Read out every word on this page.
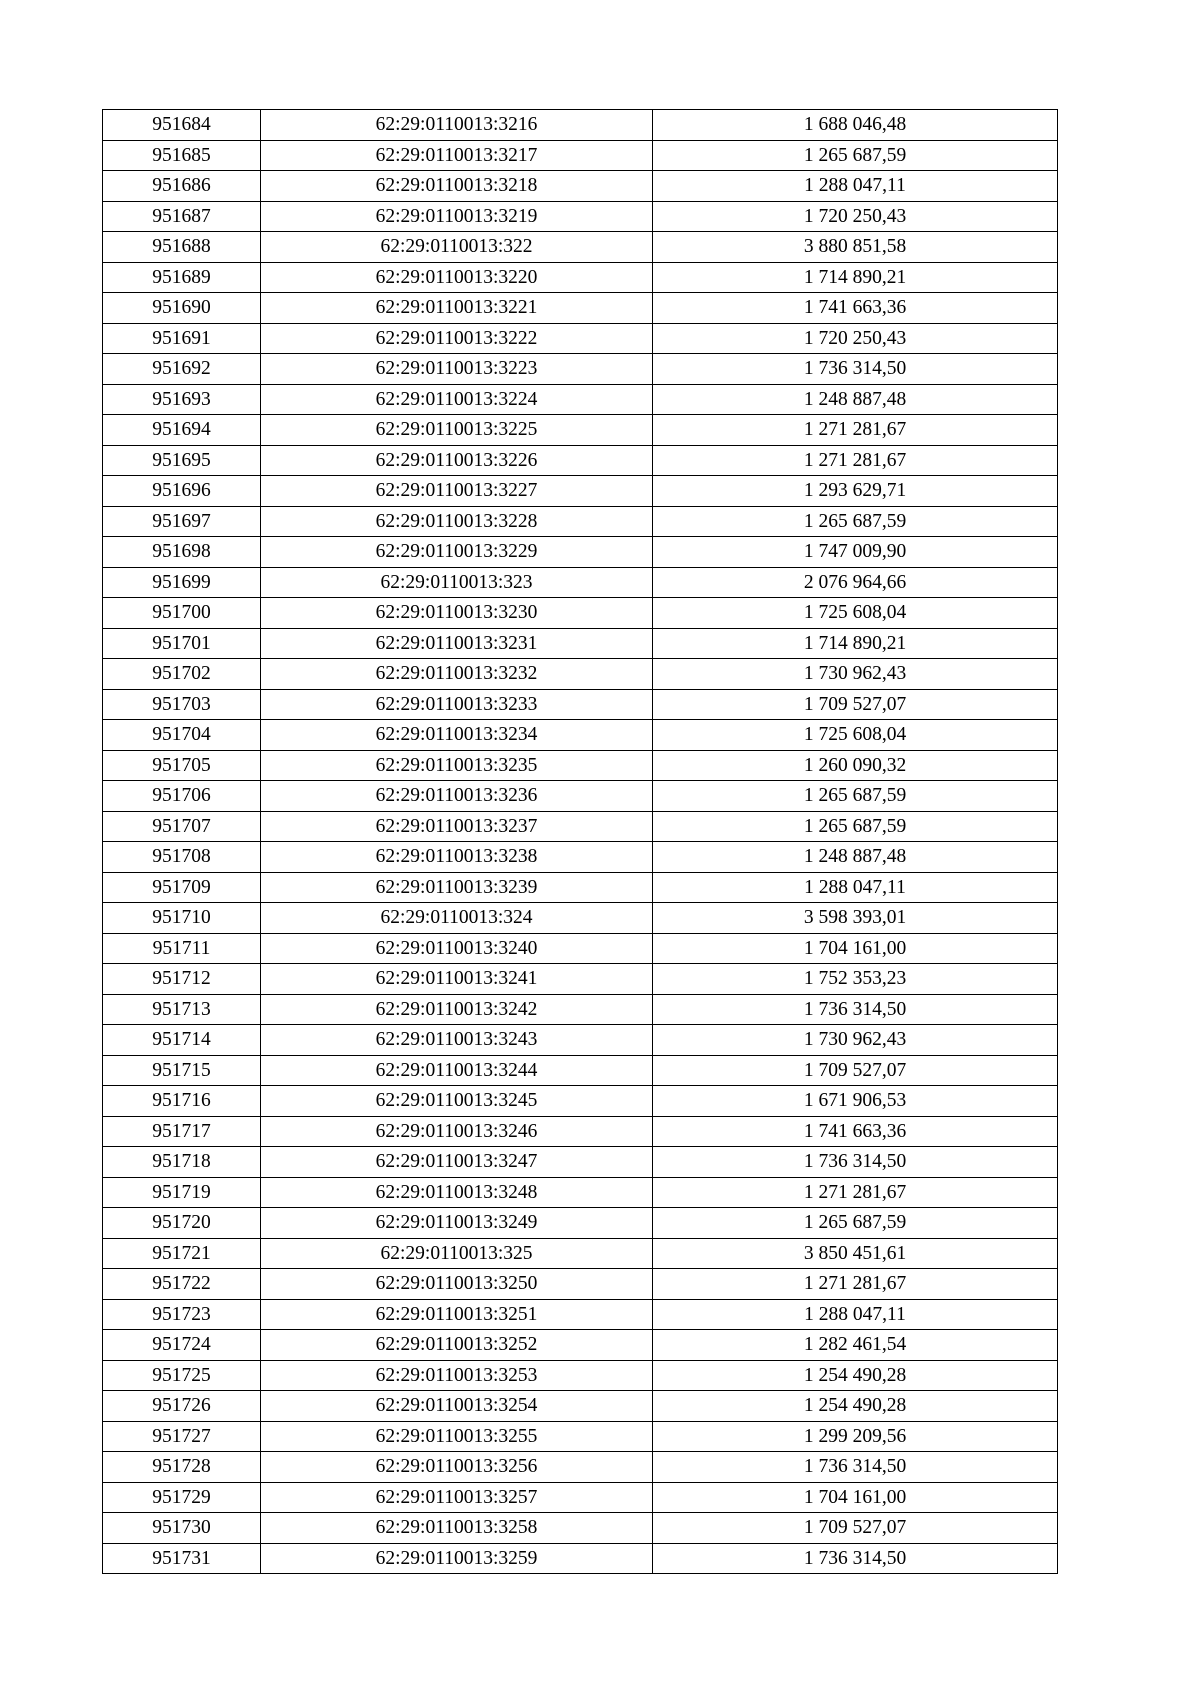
951684	62:29:0110013:3216	1 688 046,48
951685	62:29:0110013:3217	1 265 687,59
951686	62:29:0110013:3218	1 288 047,11
951687	62:29:0110013:3219	1 720 250,43
951688	62:29:0110013:322	3 880 851,58
951689	62:29:0110013:3220	1 714 890,21
951690	62:29:0110013:3221	1 741 663,36
951691	62:29:0110013:3222	1 720 250,43
951692	62:29:0110013:3223	1 736 314,50
951693	62:29:0110013:3224	1 248 887,48
951694	62:29:0110013:3225	1 271 281,67
951695	62:29:0110013:3226	1 271 281,67
951696	62:29:0110013:3227	1 293 629,71
951697	62:29:0110013:3228	1 265 687,59
951698	62:29:0110013:3229	1 747 009,90
951699	62:29:0110013:323	2 076 964,66
951700	62:29:0110013:3230	1 725 608,04
951701	62:29:0110013:3231	1 714 890,21
951702	62:29:0110013:3232	1 730 962,43
951703	62:29:0110013:3233	1 709 527,07
951704	62:29:0110013:3234	1 725 608,04
951705	62:29:0110013:3235	1 260 090,32
951706	62:29:0110013:3236	1 265 687,59
951707	62:29:0110013:3237	1 265 687,59
951708	62:29:0110013:3238	1 248 887,48
951709	62:29:0110013:3239	1 288 047,11
951710	62:29:0110013:324	3 598 393,01
951711	62:29:0110013:3240	1 704 161,00
951712	62:29:0110013:3241	1 752 353,23
951713	62:29:0110013:3242	1 736 314,50
951714	62:29:0110013:3243	1 730 962,43
951715	62:29:0110013:3244	1 709 527,07
951716	62:29:0110013:3245	1 671 906,53
951717	62:29:0110013:3246	1 741 663,36
951718	62:29:0110013:3247	1 736 314,50
951719	62:29:0110013:3248	1 271 281,67
951720	62:29:0110013:3249	1 265 687,59
951721	62:29:0110013:325	3 850 451,61
951722	62:29:0110013:3250	1 271 281,67
951723	62:29:0110013:3251	1 288 047,11
951724	62:29:0110013:3252	1 282 461,54
951725	62:29:0110013:3253	1 254 490,28
951726	62:29:0110013:3254	1 254 490,28
951727	62:29:0110013:3255	1 299 209,56
951728	62:29:0110013:3256	1 736 314,50
951729	62:29:0110013:3257	1 704 161,00
951730	62:29:0110013:3258	1 709 527,07
951731	62:29:0110013:3259	1 736 314,50
